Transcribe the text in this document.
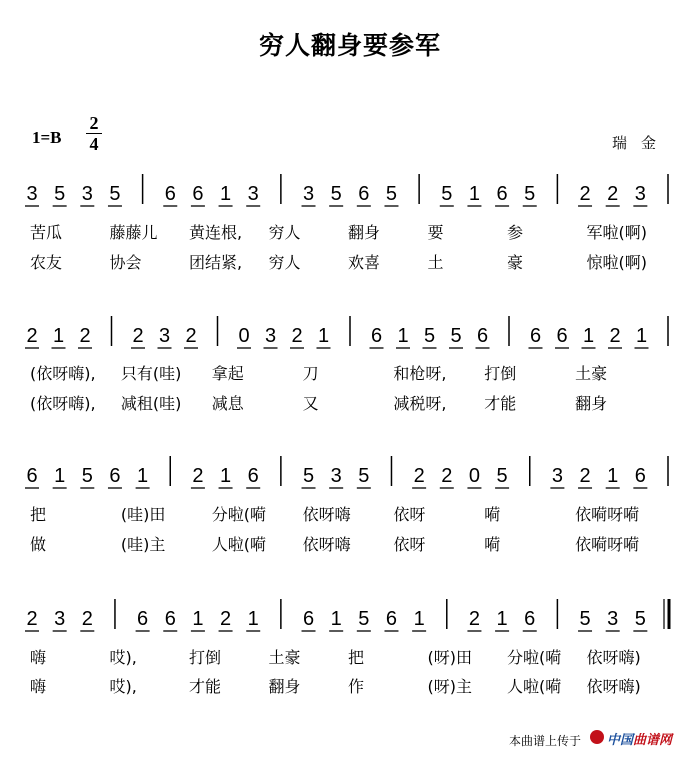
穷人翻身要参军
1=B
2
4	瑞金
3 5 3 5 6 6 1 3 3 5 6 5 5 1 6 5 2 2 3
2 1 2 2 3 2 0 3 2 1 6 1 5 5 6 6 6 1 2 1
6 1 5 6 1 2 1 6 5 3 5 2 2 0 5 3 2 1 6
2 3 2 6 6 1 2 1 6 1 5 6 1 2 1 6 5 3 5
苦瓜	藤藤儿 黄连根, 穷人	翻身	要	参	军啦(啊)
农友	协会	团结紧, 穷人	欢喜	土	豪	惊啦(啊)
(依呀嗨), 只有(哇) 拿起	刀	和枪呀, 打倒	土豪
(依呀嗨), 减租(哇) 减息	又	减税呀, 才能	翻身
把	(哇)田	分啦(嗬 依呀嗨	依呀	嗬	依嗬呀嗬
做	(哇)主	人啦(嗬 依呀嗨	依呀	嗬	依嗬呀嗬
嗨	哎),	打倒	土豪	把	(呀)田 分啦(嗬 依呀嗨)
嗨	哎),	才能	翻身	作	(呀)主 人啦(嗬 依呀嗨)
本曲谱上传于 中国曲谱网
